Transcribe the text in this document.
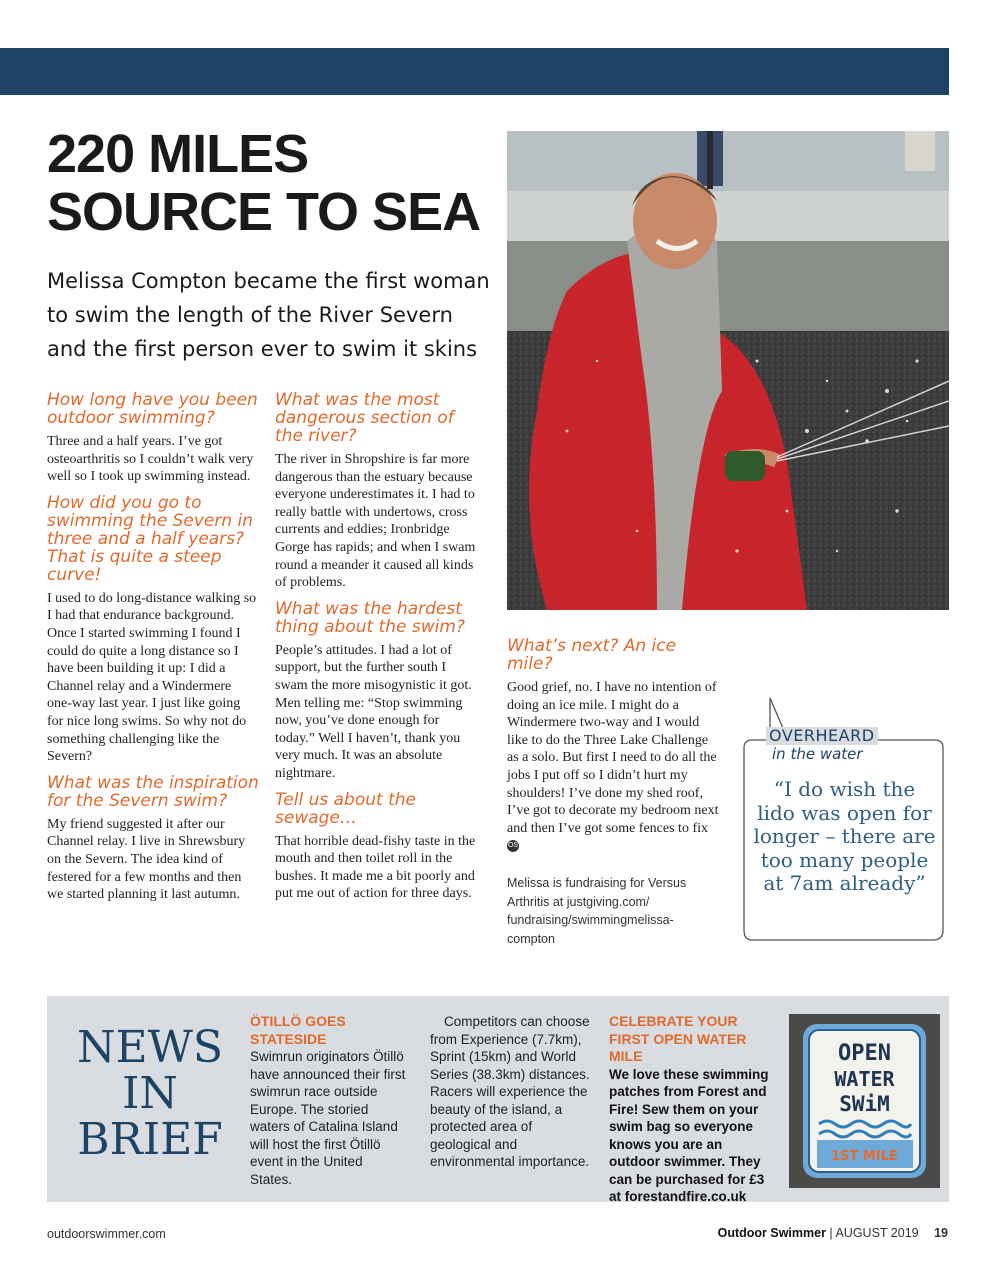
220 MILES
SOURCE TO SEA
Melissa Compton became the first woman to swim the length of the River Severn and the first person ever to swim it skins

How long have you been outdoor swimming?

Three and a half years. I’ve got osteoarthritis so I couldn’t walk very well so I took up swimming instead.

How did you go to swimming the Severn in three and a half years? That is quite a steep curve!

I used to do long-distance walking so I had that endurance background. Once I started swimming I found I could do quite a long distance so I have been building it up: I did a Channel relay and a Windermere one-way last year. I just like going for nice long swims. So why not do something challenging like the Severn?

What was the inspiration for the Severn swim?

My friend suggested it after our Channel relay. I live in Shrewsbury on the Severn. The idea kind of festered for a few months and then we started planning it last autumn.

What was the most dangerous section of the river?

The river in Shropshire is far more dangerous than the estuary because everyone underestimates it. I had to really battle with undertows, cross currents and eddies; Ironbridge Gorge has rapids; and when I swam round a meander it caused all kinds of problems.

What was the hardest thing about the swim?

People’s attitudes. I had a lot of support, but the further south I swam the more misogynistic it got. Men telling me: “Stop swimming now, you’ve done enough for today.” Well I haven’t, thank you very much. It was an absolute nightmare.

Tell us about the sewage…

That horrible dead-fishy taste in the mouth and then toilet roll in the bushes. It made me a bit poorly and put me out of action for three days.

What’s next? An ice mile?

Good grief, no. I have no intention of doing an ice mile. I might do a Windermere two-way and I would like to do the Three Lake Challenge as a solo. But first I need to do all the jobs I put off so I didn’t hurt my shoulders! I’ve done my shed roof, I’ve got to decorate my bedroom next and then I’ve got some fences to fix OS

Melissa is fundraising for Versus Arthritis at justgiving.com/ fundraising/swimmingmelissa-compton
OVERHEARD
in the water
“I do wish the lido was open for longer – there are too many people at 7am already”
NEWS
IN
BRIEF

ÖTILLÖ GOES STATESIDE

Swimrun originators Ötillö have announced their first swimrun race outside Europe. The storied waters of Catalina Island will host the first Ötillö event in the United States.

Competitors can choose from Experience (7.7km), Sprint (15km) and World Series (38.3km) distances. Racers will experience the beauty of the island, a protected area of geological and environmental importance.

CELEBRATE YOUR FIRST OPEN WATER MILE

We love these swimming patches from Forest and Fire! Sew them on your swim bag so everyone knows you are an outdoor swimmer. They can be purchased for £3 at forestandfire.co.uk

OPEN
WATER
SWiM
1ST MILE
outdoorswimmer.com	Outdoor Swimmer | AUGUST 2019 19
